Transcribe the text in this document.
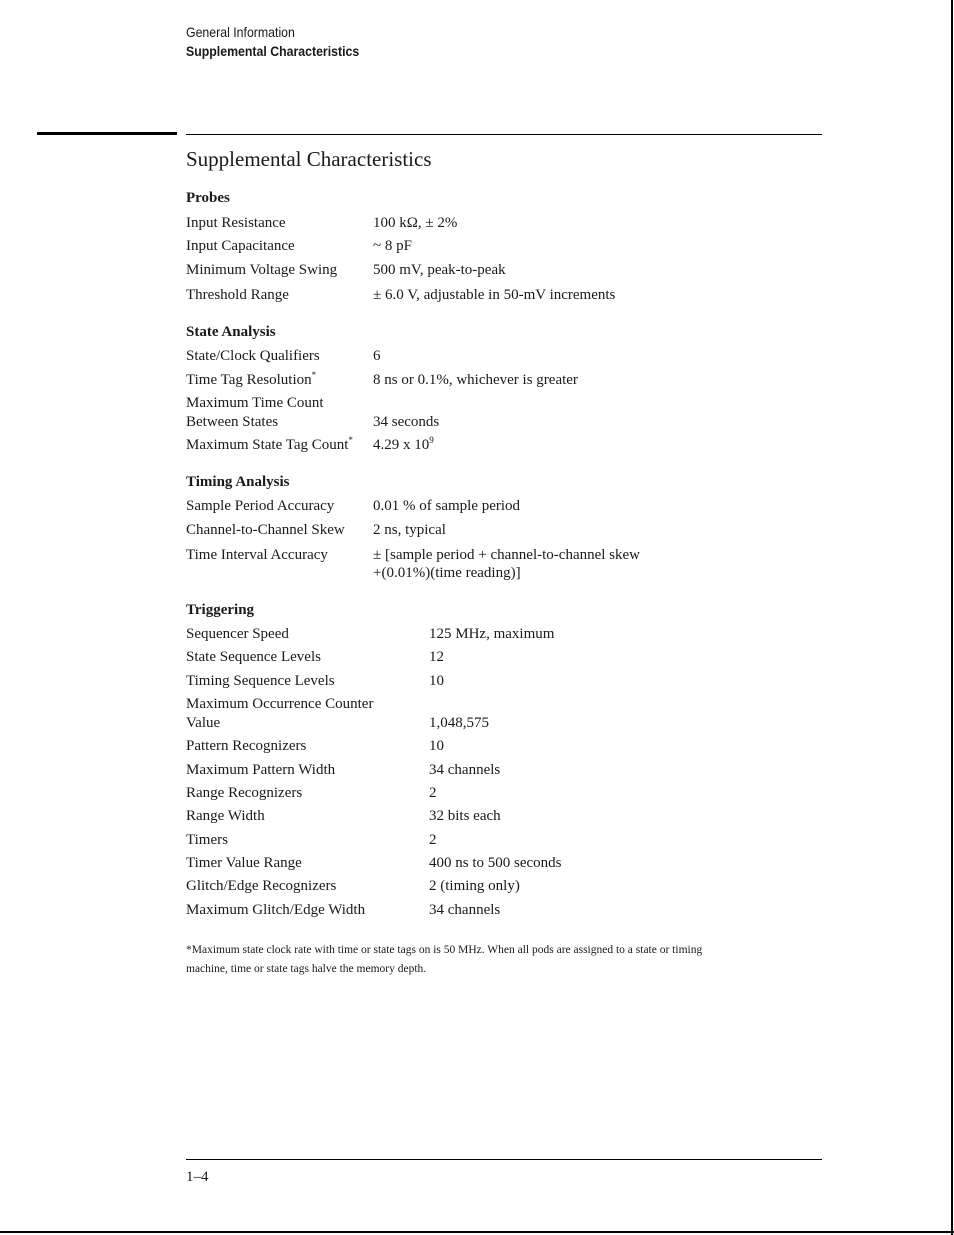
General Information
Supplemental Characteristics
Supplemental Characteristics
Probes
Input Resistance	100 kΩ, ± 2%
Input Capacitance	~ 8 pF
Minimum Voltage Swing 500 mV, peak-to-peak
Threshold Range	± 6.0 V, adjustable in 50-mV increments
State Analysis
State/Clock Qualifiers	6
Time Tag Resolution*	8 ns or 0.1%, whichever is greater
Maximum Time Count
Between States	34 seconds
Maximum State Tag Count* 4.29 x $10^9$
Timing Analysis
Sample Period Accuracy	0.01 % of sample period
Channel-to-Channel Skew 2 ns, typical
Time Interval Accuracy	± [sample period + channel-to-channel skew
+(0.01%)(time reading)]
Triggering
Sequencer Speed	125 MHz, maximum
State Sequence Levels	12
Timing Sequence Levels	10
Maximum Occurrence Counter
Value	1,048,575
Pattern Recognizers	10
Maximum Pattern Width	34 channels
Range Recognizers	2
Range Width	32 bits each
Timers	2
Timer Value Range	400 ns to 500 seconds
Glitch/Edge Recognizers	2 (timing only)
Maximum Glitch/Edge Width	34 channels
*Maximum state clock rate with time or state tags on is 50 MHz. When all pods are assigned to a state or timing
machine, time or state tags halve the memory depth.
1–4
